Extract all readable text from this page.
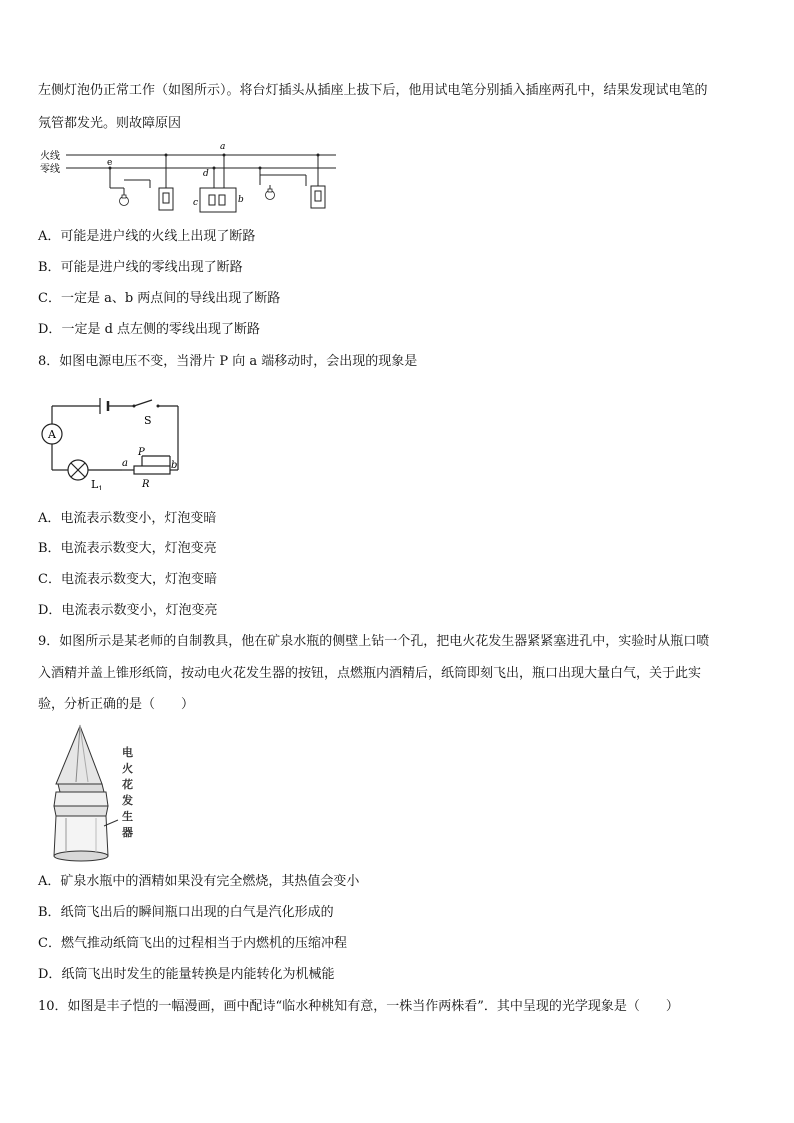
左侧灯泡仍正常工作（如图所示）。将台灯插头从插座上拔下后，他用试电笔分别插入插座两孔中，结果发现试电笔的
氖管都发光。则故障原因
火线
零线
e
a
b
c
d
A．可能是进户线的火线上出现了断路
B．可能是进户线的零线出现了断路
C．一定是 a、b 两点间的导线出现了断路
D．一定是 d 点左侧的零线出现了断路
8．如图电源电压不变，当滑片 P 向 a 端移动时，会出现的现象是
A
S
$L_1$
P
a	b
R
A．电流表示数变小，灯泡变暗
B．电流表示数变大，灯泡变亮
C．电流表示数变大，灯泡变暗
D．电流表示数变小，灯泡变亮
9．如图所示是某老师的自制教具，他在矿泉水瓶的侧壁上钻一个孔，把电火花发生器紧紧塞进孔中，实验时从瓶口喷
入酒精并盖上锥形纸筒，按动电火花发生器的按钮，点燃瓶内酒精后，纸筒即刻飞出，瓶口出现大量白气，关于此实
验，分析正确的是（　　）
电
火
花
发
生
器
A．矿泉水瓶中的酒精如果没有完全燃烧，其热值会变小
B．纸筒飞出后的瞬间瓶口出现的白气是汽化形成的
C．燃气推动纸筒飞出的过程相当于内燃机的压缩冲程
D．纸筒飞出时发生的能量转换是内能转化为机械能
10．如图是丰子恺的一幅漫画，画中配诗“临水种桃知有意，一株当作两株看”．其中呈现的光学现象是（　　）
